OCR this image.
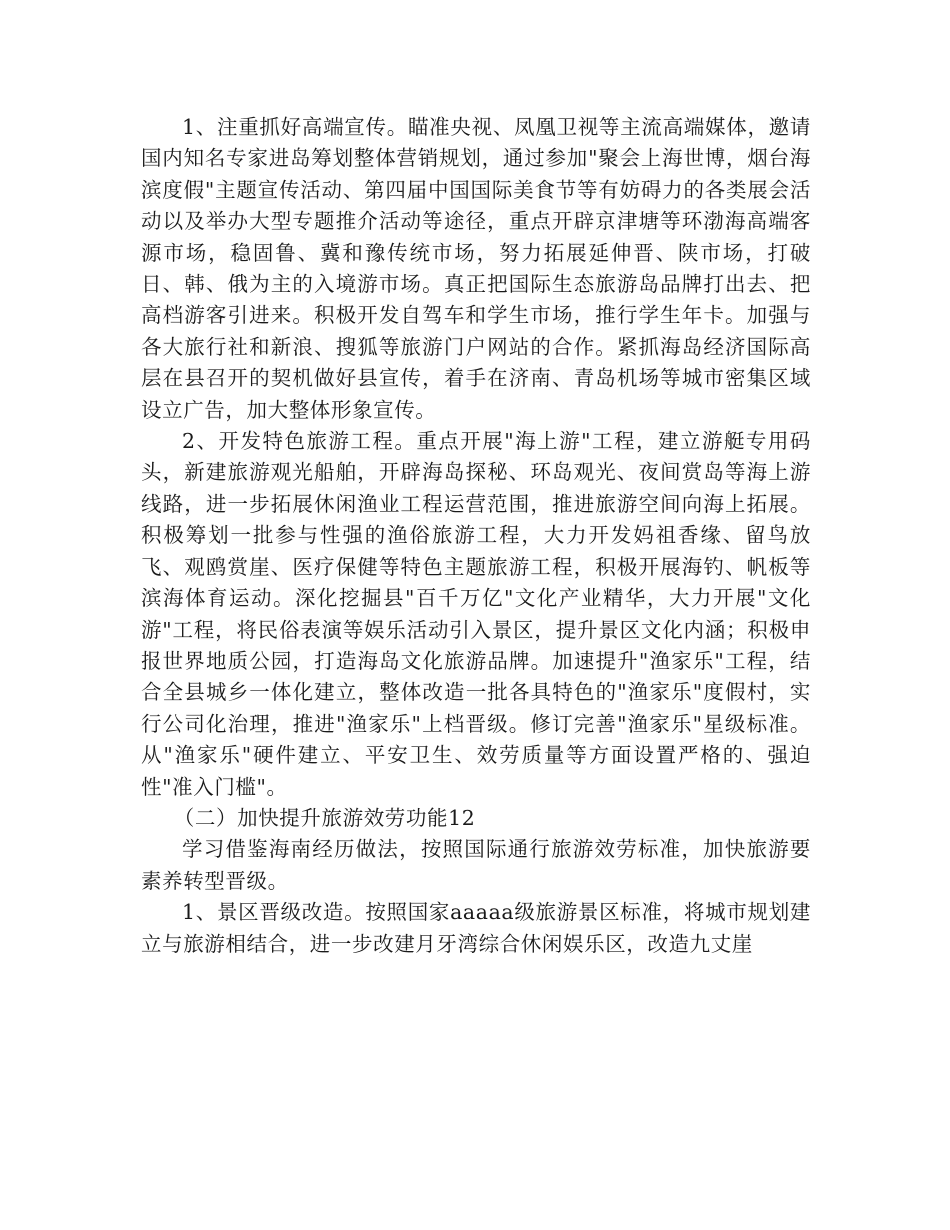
1、注重抓好高端宣传。瞄准央视、凤凰卫视等主流高端媒体，邀请国内知名专家进岛筹划整体营销规划，通过参加"聚会上海世博，烟台海滨度假"主题宣传活动、第四届中国国际美食节等有妨碍力的各类展会活动以及举办大型专题推介活动等途径，重点开辟京津塘等环渤海高端客源市场，稳固鲁、冀和豫传统市场，努力拓展延伸晋、陕市场，打破日、韩、俄为主的入境游市场。真正把国际生态旅游岛品牌打出去、把高档游客引进来。积极开发自驾车和学生市场，推行学生年卡。加强与各大旅行社和新浪、搜狐等旅游门户网站的合作。紧抓海岛经济国际高层在县召开的契机做好县宣传，着手在济南、青岛机场等城市密集区域设立广告，加大整体形象宣传。

2、开发特色旅游工程。重点开展"海上游"工程，建立游艇专用码头，新建旅游观光船舶，开辟海岛探秘、环岛观光、夜间赏岛等海上游线路，进一步拓展休闲渔业工程运营范围，推进旅游空间向海上拓展。积极筹划一批参与性强的渔俗旅游工程，大力开发妈祖香缘、留鸟放飞、观鸥赏崖、医疗保健等特色主题旅游工程，积极开展海钓、帆板等滨海体育运动。深化挖掘县"百千万亿"文化产业精华，大力开展"文化游"工程，将民俗表演等娱乐活动引入景区，提升景区文化内涵；积极申报世界地质公园，打造海岛文化旅游品牌。加速提升"渔家乐"工程，结合全县城乡一体化建立，整体改造一批各具特色的"渔家乐"度假村，实行公司化治理，推进"渔家乐"上档晋级。修订完善"渔家乐"星级标准。从"渔家乐"硬件建立、平安卫生、效劳质量等方面设置严格的、强迫性"准入门槛"。

（二）加快提升旅游效劳功能12

学习借鉴海南经历做法，按照国际通行旅游效劳标准，加快旅游要素养转型晋级。

1、景区晋级改造。按照国家aaaaa级旅游景区标准，将城市规划建立与旅游相结合，进一步改建月牙湾综合休闲娱乐区，改造九丈崖
